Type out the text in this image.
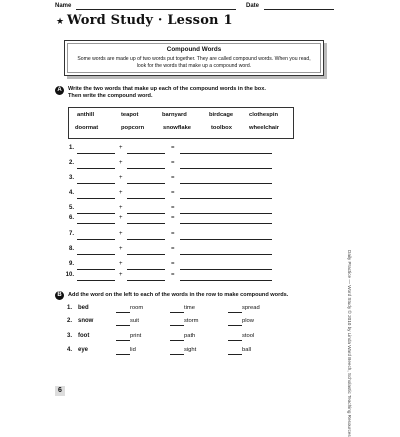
Name	Date
★ Word Study · Lesson 1
Compound Words
Some words are made up of two words put together. They are called compound words. When you read, look for the words that make up a compound word.
A	Write the two words that make up each of the compound words in the box.
Then write the compound word.
anthill	teapot	barnyard	birdcage	clothespin
doormat	popcorn	snowflake	toolbox	wheelchair
1.	+	=
2.	+	=
3.	+	=
4.	+	=
5.	+	=
6.	+	=
7.	+	=
8.	+	=
9.	+	=
10.	+	=
B	Add the word on the left to each of the words in the row to make compound words.
1. bed	room	time	spread
2. snow	suit	storm	plow
3. foot	print	path	stool
4. eye	lid	sight	ball	Daily Practice — Word Study © 2010 by Linda Ward Beech, Scholastic Teaching Resources
6
